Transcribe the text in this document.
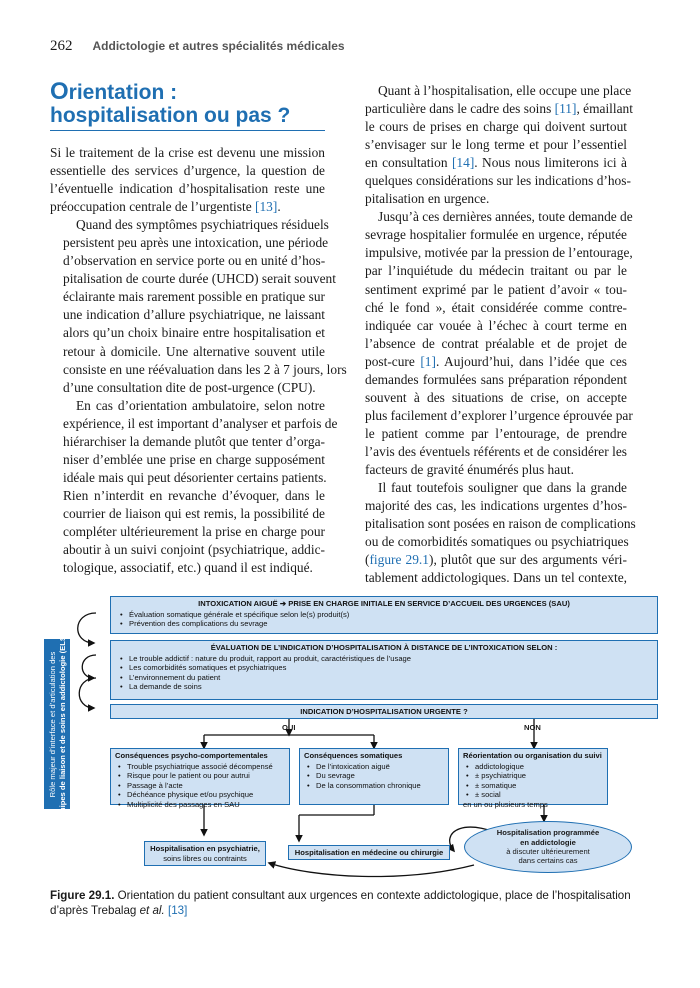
262 Addictologie et autres spécialités médicales
Orientation :
hospitalisation ou pas ?
Si le traitement de la crise est devenu une mission
essentielle des services d’urgence, la question de
l’éventuelle indication d’hospitalisation reste une
préoccupation centrale de l’urgentiste [13].
Quand des symptômes psychiatriques résiduels
persistent peu après une intoxication, une période
d’observation en service porte ou en unité d’hos-
pitalisation de courte durée (UHCD) serait souvent
éclairante mais rarement possible en pratique sur
une indication d’allure psychiatrique, ne laissant
alors qu’un choix binaire entre hospitalisation et
retour à domicile. Une alternative souvent utile
consiste en une réévaluation dans les 2 à 7 jours, lors
d’une consultation dite de post-urgence (CPU).
En cas d’orientation ambulatoire, selon notre
expérience, il est important d’analyser et parfois de
hiérarchiser la demande plutôt que tenter d’orga-
niser d’emblée une prise en charge supposément
idéale mais qui peut désorienter certains patients.
Rien n’interdit en revanche d’évoquer, dans le
courrier de liaison qui est remis, la possibilité de
compléter ultérieurement la prise en charge pour
aboutir à un suivi conjoint (psychiatrique, addic-
tologique, associatif, etc.) quand il est indiqué.
Quant à l’hospitalisation, elle occupe une place
particulière dans le cadre des soins [11], émaillant
le cours de prises en charge qui doivent surtout
s’envisager sur le long terme et pour l’essentiel
en consultation [14]. Nous nous limiterons ici à
quelques considérations sur les indications d’hos-
pitalisation en urgence.
Jusqu’à ces dernières années, toute demande de
sevrage hospitalier formulée en urgence, réputée
impulsive, motivée par la pression de l’entourage,
par l’inquiétude du médecin traitant ou par le
sentiment exprimé par le patient d’avoir « tou-
ché le fond », était considérée comme contre-
indiquée car vouée à l’échec à court terme en
l’absence de contrat préalable et de projet de
post-cure [1]. Aujourd’hui, dans l’idée que ces
demandes formulées sans préparation répondent
souvent à des situations de crise, on accepte
plus facilement d’explorer l’urgence éprouvée par
le patient comme par l’entourage, de prendre
l’avis des éventuels référents et de considérer les
facteurs de gravité énumérés plus haut.
Il faut toutefois souligner que dans la grande
majorité des cas, les indications urgentes d’hos-
pitalisation sont posées en raison de complications
ou de comorbidités somatiques ou psychiatriques
(figure 29.1), plutôt que sur des arguments véri-
tablement addictologiques. Dans un tel contexte,
Rôle majeur d’interface et d’articulation des équipes de liaison et de soins en addictologie (ELSA)
INTOXICATION AIGUË ➔ PRISE EN CHARGE INITIALE EN SERVICE D’ACCUEIL DES URGENCES (SAU)
• Évaluation somatique générale et spécifique selon le(s) produit(s)
• Prévention des complications du sevrage
ÉVALUATION DE L’INDICATION D’HOSPITALISATION À DISTANCE DE L’INTOXICATION SELON :
• Le trouble addictif : nature du produit, rapport au produit, caractéristiques de l’usage
• Les comorbidités somatiques et psychiatriques
• L’environnement du patient
• La demande de soins
INDICATION D’HOSPITALISATION URGENTE ?
OUI	NON
Conséquences psycho-comportementales
• Trouble psychiatrique associé décompensé
• Risque pour le patient ou pour autrui
• Passage à l’acte
• Déchéance physique et/ou psychique
• Multiplicité des passages en SAU
Conséquences somatiques
• De l’intoxication aiguë
• Du sevrage
• De la consommation chronique
Réorientation ou organisation du suivi
• addictologique
• ± psychiatrique
• ± somatique
• ± social
en un ou plusieurs temps
Hospitalisation en psychiatrie,
soins libres ou contraints
Hospitalisation en médecine ou chirurgie
Hospitalisation programmée
en addictologie
à discuter ultérieurement
dans certains cas
Figure 29.1. Orientation du patient consultant aux urgences en contexte addictologique, place de l’hospitalisation
d’après Trebalag et al. [13]
